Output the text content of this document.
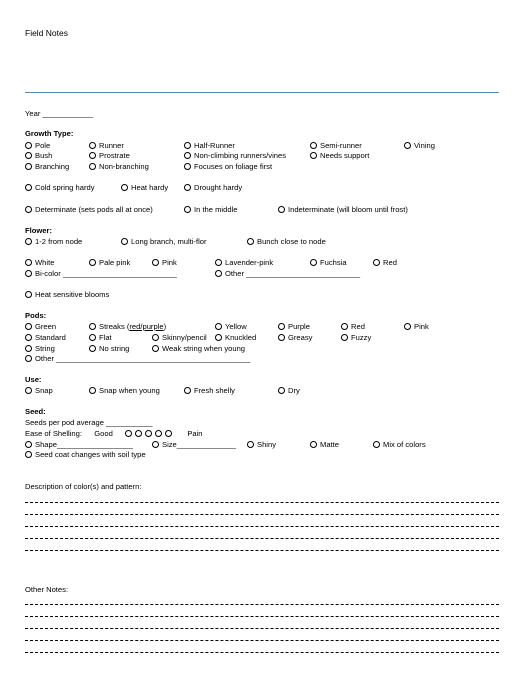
Field Notes
Year ____________
Growth Type:
Pole	Runner	Half-Runner	Semi-runner	Vining
Bush	Prostrate	Non-climbing runners/vines	Needs support
Branching	Non-branching	Focuses on foliage first
Cold spring hardy	Heat hardy	Drought hardy
Determinate (sets pods all at once)	In the middle	Indeterminate (will bloom until frost)
Flower:
1-2 from node	Long branch, multi-flor	Bunch close to node
White	Pale pink	Pink	Lavender-pink	Fuchsia	Red
Bi-color ___________________________	Other ___________________________
Heat sensitive blooms
Pods:
Green	Streaks (red/purple)	Yellow	Purple	Red	Pink
Standard	Flat	Skinny/pencil	Knuckled	Greasy	Fuzzy
String	No string	Weak string when young
Other ______________________________________________
Use:
Snap	Snap when young	Fresh shelly	Dry
Seed:
Seeds per pod average ___________
Ease of Shelling: Good	Pain
Shape__________________	Size______________	Shiny	Matte	Mix of colors
Seed coat changes with soil type
Description of color(s) and pattern:
Other Notes:
